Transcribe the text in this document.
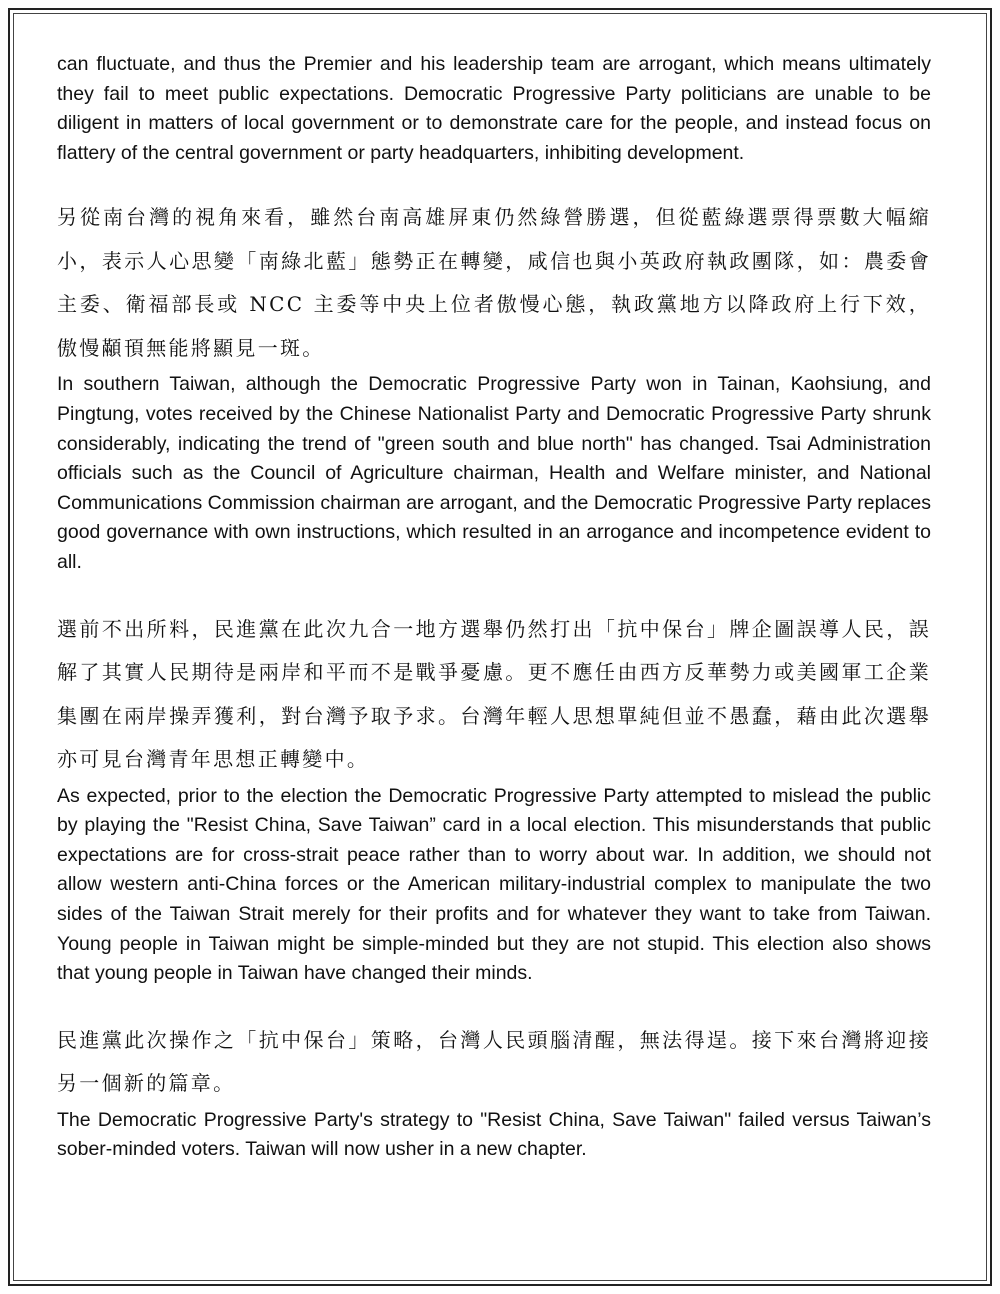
can fluctuate, and thus the Premier and his leadership team are arrogant, which means ultimately they fail to meet public expectations. Democratic Progressive Party politicians are unable to be diligent in matters of local government or to demonstrate care for the people, and instead focus on flattery of the central government or party headquarters, inhibiting development.

另從南台灣的視角來看，雖然台南高雄屏東仍然綠營勝選，但從藍綠選票得票數大幅縮小，表示人心思變「南綠北藍」態勢正在轉變，咸信也與小英政府執政團隊，如：農委會主委、衛福部長或 NCC 主委等中央上位者傲慢心態，執政黨地方以降政府上行下效，傲慢顢頇無能將顯見一斑。

In southern Taiwan, although the Democratic Progressive Party won in Tainan, Kaohsiung, and Pingtung, votes received by the Chinese Nationalist Party and Democratic Progressive Party shrunk considerably, indicating the trend of "green south and blue north" has changed. Tsai Administration officials such as the Council of Agriculture chairman, Health and Welfare minister, and National Communications Commission chairman are arrogant, and the Democratic Progressive Party replaces good governance with own instructions, which resulted in an arrogance and incompetence evident to all.

選前不出所料，民進黨在此次九合一地方選舉仍然打出「抗中保台」牌企圖誤導人民，誤解了其實人民期待是兩岸和平而不是戰爭憂慮。更不應任由西方反華勢力或美國軍工企業集團在兩岸操弄獲利，對台灣予取予求。台灣年輕人思想單純但並不愚蠢，藉由此次選舉亦可見台灣青年思想正轉變中。

As expected, prior to the election the Democratic Progressive Party attempted to mislead the public by playing the "Resist China, Save Taiwan” card in a local election. This misunderstands that public expectations are for cross-strait peace rather than to worry about war. In addition, we should not allow western anti-China forces or the American military-industrial complex to manipulate the two sides of the Taiwan Strait merely for their profits and for whatever they want to take from Taiwan. Young people in Taiwan might be simple-minded but they are not stupid. This election also shows that young people in Taiwan have changed their minds.

民進黨此次操作之「抗中保台」策略，台灣人民頭腦清醒，無法得逞。接下來台灣將迎接另一個新的篇章。

The Democratic Progressive Party's strategy to "Resist China, Save Taiwan" failed versus Taiwan’s sober-minded voters. Taiwan will now usher in a new chapter.
